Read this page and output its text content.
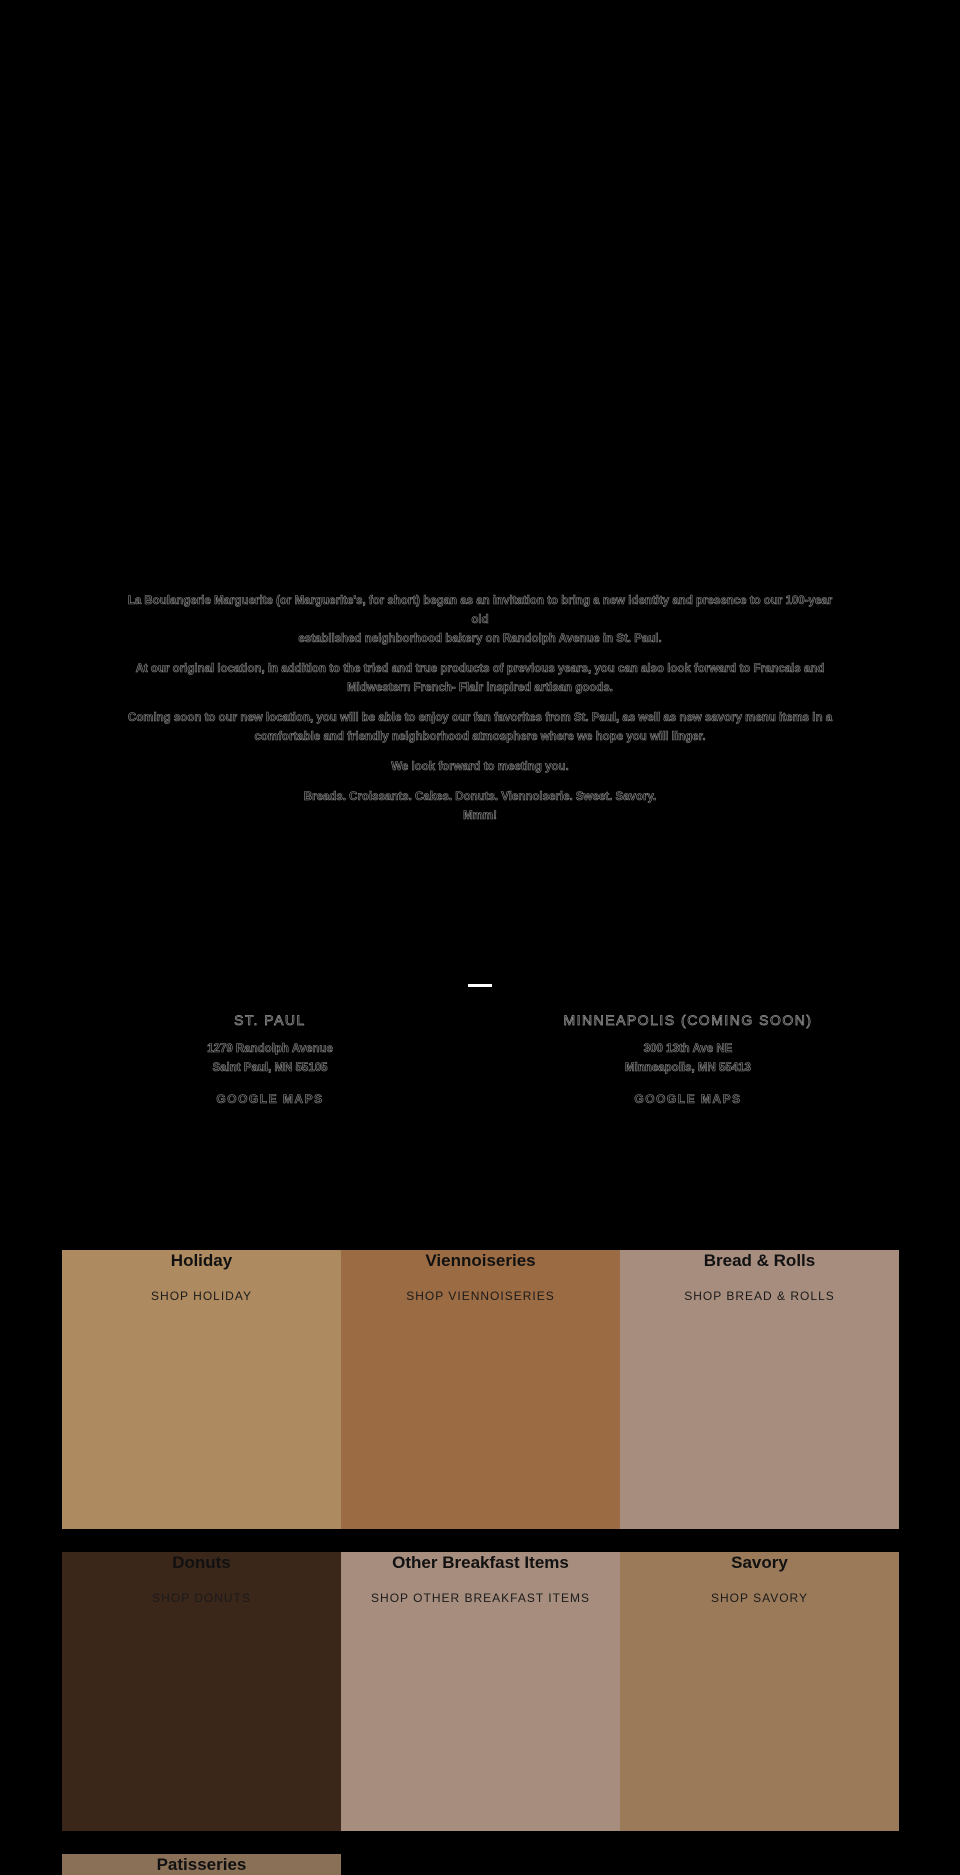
La Boulangerie Marguerite (or Marguerite's, for short) began as an invitation to bring a new identity and presence to our 100-year old
established neighborhood bakery on Randolph Avenue in St. Paul.

At our original location, in addition to the tried and true products of previous years, you can also look forward to Francais and
Midwestern French- Flair inspired artisan goods.

Coming soon to our new location, you will be able to enjoy our fan favorites from St. Paul, as well as new savory menu items in a
comfortable and friendly neighborhood atmosphere where we hope you will linger.

We look forward to meeting you.

Breads. Croissants. Cakes. Donuts. Viennoiserie. Sweet. Savory.
Mmm!

ST. PAUL
1279 Randolph Avenue
Saint Paul, MN 55105
GOOGLE MAPS
MINNEAPOLIS (COMING SOON)
300 13th Ave NE
Minneapolis, MN 55413
GOOGLE MAPS
Holiday
SHOP HOLIDAY
Viennoiseries
SHOP VIENNOISERIES
Bread & Rolls
SHOP BREAD & ROLLS
Donuts
SHOP DONUTS
Other Breakfast Items
SHOP OTHER BREAKFAST ITEMS
Savory
SHOP SAVORY
Patisseries
